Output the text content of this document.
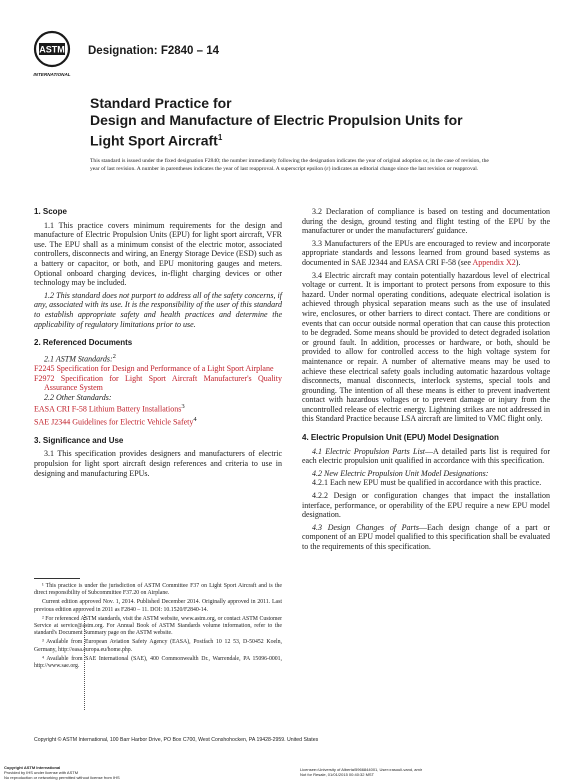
ASTM
INTERNATIONAL
Designation: F2840 – 14
Standard Practice for
Design and Manufacture of Electric Propulsion Units for
Light Sport Aircraft$^1$
This standard is issued under the fixed designation F2840; the number immediately following the designation indicates the year of original adoption or, in the case of revision, the year of last revision. A number in parentheses indicates the year of last reapproval. A superscript epsilon (ε) indicates an editorial change since the last revision or reapproval.
1. Scope

1.1 This practice covers minimum requirements for the design and manufacture of Electric Propulsion Units (EPU) for light sport aircraft, VFR use. The EPU shall as a minimum consist of the electric motor, associated controllers, disconnects and wiring, an Energy Storage Device (ESD) such as a battery or capacitor, or both, and EPU monitoring gauges and meters. Optional onboard charging devices, in-flight charging devices or other technology may be included.

1.2 This standard does not purport to address all of the safety concerns, if any, associated with its use. It is the responsibility of the user of this standard to establish appropriate safety and health practices and determine the applicability of regulatory limitations prior to use.

2. Referenced Documents

2.1 ASTM Standards:$^2$

F2245 Specification for Design and Performance of a Light Sport Airplane

F2972 Specification for Light Sport Aircraft Manufacturer's Quality Assurance System

2.2 Other Standards:

EASA CRI F-58 Lithium Battery Installations$^3$

SAE J2344 Guidelines for Electric Vehicle Safety$^4$

3. Significance and Use

3.1 This specification provides designers and manufacturers of electric propulsion for light sport aircraft design references and criteria to use in designing and manufacturing EPUs.

¹ This practice is under the jurisdiction of ASTM Committee F37 on Light Sport Aircraft and is the direct responsibility of Subcommittee F37.20 on Airplane.

Current edition approved Nov. 1, 2014. Published December 2014. Originally approved in 2011. Last previous edition approved in 2011 as F2840 – 11. DOI: 10.1520/F2840-14.

² For referenced ASTM standards, visit the ASTM website, www.astm.org, or contact ASTM Customer Service at service@astm.org. For Annual Book of ASTM Standards volume information, refer to the standard's Document Summary page on the ASTM website.

³ Available from European Aviation Safety Agency (EASA), Postfach 10 12 53, D-50452 Koeln, Germany, http://easa.europa.eu/home.php.

⁴ Available from SAE International (SAE), 400 Commonwealth Dr., Warrendale, PA 15096-0001, http://www.sae.org.

3.2 Declaration of compliance is based on testing and documentation during the design, ground testing and flight testing of the EPU by the manufacturer or under the manufacturers' guidance.

3.3 Manufacturers of the EPUs are encouraged to review and incorporate appropriate standards and lessons learned from ground based systems as documented in SAE J2344 and EASA CRI F-58 (see Appendix X2).

3.4 Electric aircraft may contain potentially hazardous level of electrical voltage or current. It is important to protect persons from exposure to this hazard. Under normal operating conditions, adequate electrical isolation is achieved through physical separation means such as the use of insulated wire, enclosures, or other barriers to direct contact. There are conditions or events that can occur outside normal operation that can cause this protection to be degraded. Some means should be provided to detect degraded isolation or ground fault. In addition, processes or hardware, or both, should be provided to allow for controlled access to the high voltage system for maintenance or repair. A number of alternative means may be used to achieve these electrical safety goals including automatic hazardous voltage disconnects, manual disconnects, interlock systems, special tools and grounding. The intention of all these means is either to prevent inadvertent contact with hazardous voltages or to prevent damage or injury from the uncontrolled release of electric energy. Lightning strikes are not addressed in this Standard Practice because LSA aircraft are limited to VMC flight only.

4. Electric Propulsion Unit (EPU) Model Designation

4.1 Electric Propulsion Parts List—A detailed parts list is required for each electric propulsion unit qualified in accordance with this specification.

4.2 New Electric Propulsion Unit Model Designations:

4.2.1 Each new EPU must be qualified in accordance with this practice.

4.2.2 Design or configuration changes that impact the installation interface, performance, or operability of the EPU require a new EPU model designation.

4.3 Design Changes of Parts—Each design change of a part or component of an EPU model qualified to this specification shall be evaluated to the requirements of this specification.

Copyright © ASTM International, 100 Barr Harbor Drive, PO Box C700, West Conshohocken, PA 19428-2959. United States
Copyright ASTM International
Provided by IHS under license with ASTM
No reproduction or networking permitted without license from IHS
Licensee=University of Alberta/5966844001, User=rasouli-vand, amir
Not for Resale, 01/01/2015 00:40:32 MST
